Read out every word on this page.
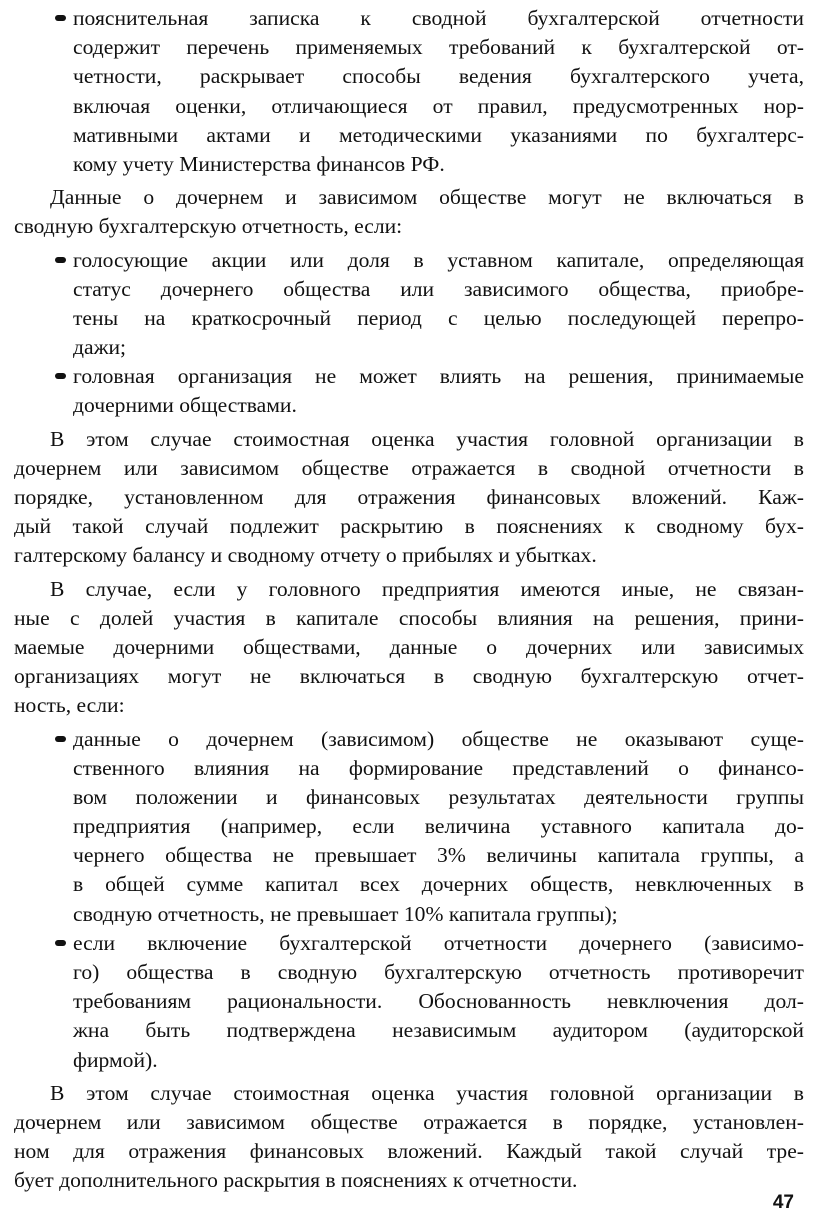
пояснительная записка к сводной бухгалтерской отчетности
содержит перечень применяемых требований к бухгалтерской от-
четности, раскрывает способы ведения бухгалтерского учета,
включая оценки, отличающиеся от правил, предусмотренных нор-
мативными актами и методическими указаниями по бухгалтерс-
кому учету Министерства финансов РФ.
Данные о дочернем и зависимом обществе могут не включаться в
сводную бухгалтерскую отчетность, если:
голосующие акции или доля в уставном капитале, определяющая
статус дочернего общества или зависимого общества, приобре-
тены на краткосрочный период с целью последующей перепро-
дажи;
головная организация не может влиять на решения, принимаемые
дочерними обществами.
В этом случае стоимостная оценка участия головной организации в
дочернем или зависимом обществе отражается в сводной отчетности в
порядке, установленном для отражения финансовых вложений. Каж-
дый такой случай подлежит раскрытию в пояснениях к сводному бух-
галтерскому балансу и сводному отчету о прибылях и убытках.
В случае, если у головного предприятия имеются иные, не связан-
ные с долей участия в капитале способы влияния на решения, прини-
маемые дочерними обществами, данные о дочерних или зависимых
организациях могут не включаться в сводную бухгалтерскую отчет-
ность, если:
данные о дочернем (зависимом) обществе не оказывают суще-
ственного влияния на формирование представлений о финансо-
вом положении и финансовых результатах деятельности группы
предприятия (например, если величина уставного капитала до-
чернего общества не превышает 3% величины капитала группы, а
в общей сумме капитал всех дочерних обществ, невключенных в
сводную отчетность, не превышает 10% капитала группы);
если включение бухгалтерской отчетности дочернего (зависимо-
го) общества в сводную бухгалтерскую отчетность противоречит
требованиям рациональности. Обоснованность невключения дол-
жна быть подтверждена независимым аудитором (аудиторской
фирмой).
В этом случае стоимостная оценка участия головной организации в
дочернем или зависимом обществе отражается в порядке, установлен-
ном для отражения финансовых вложений. Каждый такой случай тре-
бует дополнительного раскрытия в пояснениях к отчетности.
47
